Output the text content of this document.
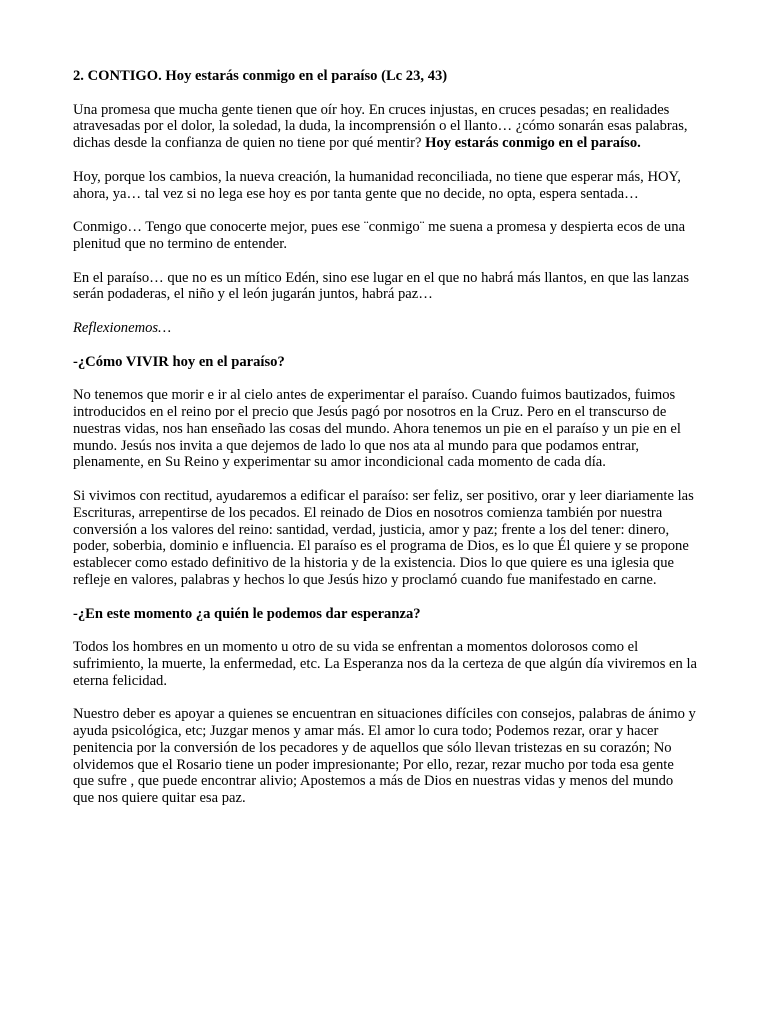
2. CONTIGO. Hoy estarás conmigo en el paraíso (Lc 23, 43)

Una promesa que mucha gente tienen que oír hoy. En cruces injustas, en cruces pesadas; en realidades atravesadas por el dolor, la soledad, la duda, la incomprensión o el llanto… ¿cómo sonarán esas palabras, dichas desde la confianza de quien no tiene por qué mentir? Hoy estarás conmigo en el paraíso.

Hoy, porque los cambios, la nueva creación, la humanidad reconciliada, no tiene que esperar más, HOY, ahora, ya… tal vez si no lega ese hoy es por tanta gente que no decide, no opta, espera sentada…

Conmigo… Tengo que conocerte mejor, pues ese ¨conmigo¨ me suena a promesa y despierta ecos de una plenitud que no termino de entender.

En el paraíso… que no es un mítico Edén, sino ese lugar en el que no habrá más llantos, en que las lanzas serán podaderas, el niño y el león jugarán juntos, habrá paz…

Reflexionemos…

-¿Cómo VIVIR hoy en el paraíso?

No tenemos que morir e ir al cielo antes de experimentar el paraíso. Cuando fuimos bautizados, fuimos introducidos en el reino por el precio que Jesús pagó por nosotros en la Cruz. Pero en el transcurso de nuestras vidas, nos han enseñado las cosas del mundo. Ahora tenemos un pie en el paraíso y un pie en el mundo. Jesús nos invita a que dejemos de lado lo que nos ata al mundo para que podamos entrar, plenamente, en Su Reino y experimentar su amor incondicional cada momento de cada día.

Si vivimos con rectitud, ayudaremos a edificar el paraíso: ser feliz, ser positivo, orar y leer diariamente las Escrituras, arrepentirse de los pecados. El reinado de Dios en nosotros comienza también por nuestra conversión a los valores del reino: santidad, verdad, justicia, amor y paz; frente a los del tener: dinero, poder, soberbia, dominio e influencia. El paraíso es el programa de Dios, es lo que Él quiere y se propone establecer como estado definitivo de la historia y de la existencia. Dios lo que quiere es una iglesia que refleje en valores, palabras y hechos lo que Jesús hizo y proclamó cuando fue manifestado en carne.

-¿En este momento ¿a quién le podemos dar esperanza?

Todos los hombres en un momento u otro de su vida se enfrentan a momentos dolorosos como el sufrimiento, la muerte, la enfermedad, etc. La Esperanza nos da la certeza de que algún día viviremos en la eterna felicidad.

Nuestro deber es apoyar a quienes se encuentran en situaciones difíciles con consejos, palabras de ánimo y ayuda psicológica, etc; Juzgar menos y amar más. El amor lo cura todo; Podemos rezar, orar y hacer penitencia por la conversión de los pecadores y de aquellos que sólo llevan tristezas en su corazón; No olvidemos que el Rosario tiene un poder impresionante; Por ello, rezar, rezar mucho por toda esa gente que sufre , que puede encontrar alivio; Apostemos a más de Dios en nuestras vidas y menos del mundo que nos quiere quitar esa paz.
